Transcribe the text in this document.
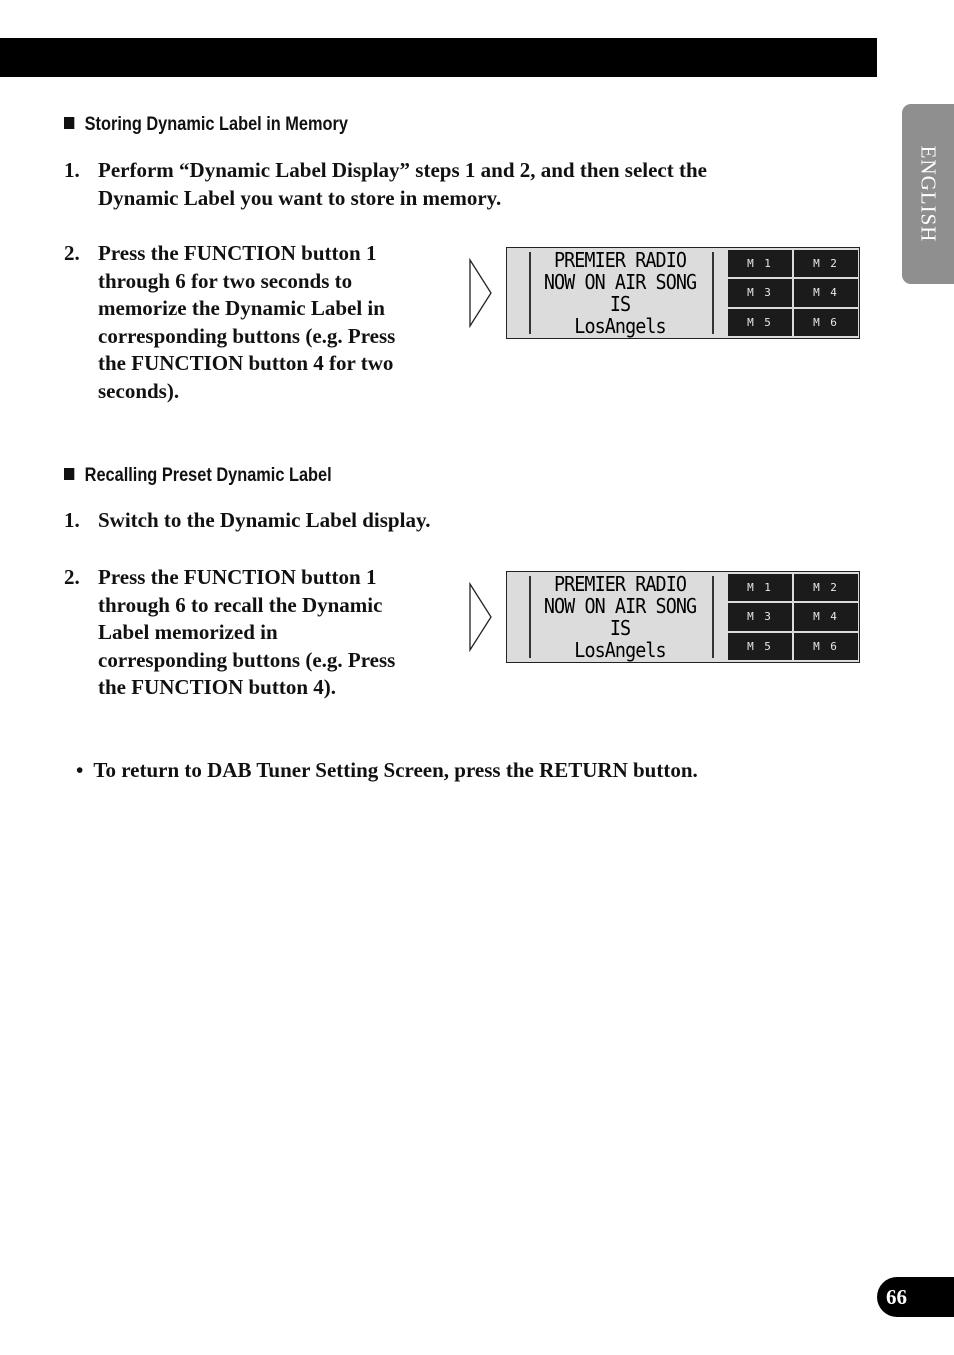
ENGLISH
Storing Dynamic Label in Memory
1. Perform “Dynamic Label Display” steps 1 and 2, and then select the
Dynamic Label you want to store in memory.
2. Press the FUNCTION button 1
through 6 for two seconds to
memorize the Dynamic Label in
corresponding buttons (e.g. Press
the FUNCTION button 4 for two
seconds).
PREMIER RADIO
NOW ON AIR SONG
IS
LosAngels
M 1	M 2
M 3	M 4
M 5	M 6
Recalling Preset Dynamic Label
1. Switch to the Dynamic Label display.
2. Press the FUNCTION button 1
through 6 to recall the Dynamic
Label memorized in
corresponding buttons (e.g. Press
the FUNCTION button 4).
PREMIER RADIO
NOW ON AIR SONG
IS
LosAngels
M 1	M 2
M 3	M 4
M 5	M 6
• To return to DAB Tuner Setting Screen, press the RETURN button.
66
